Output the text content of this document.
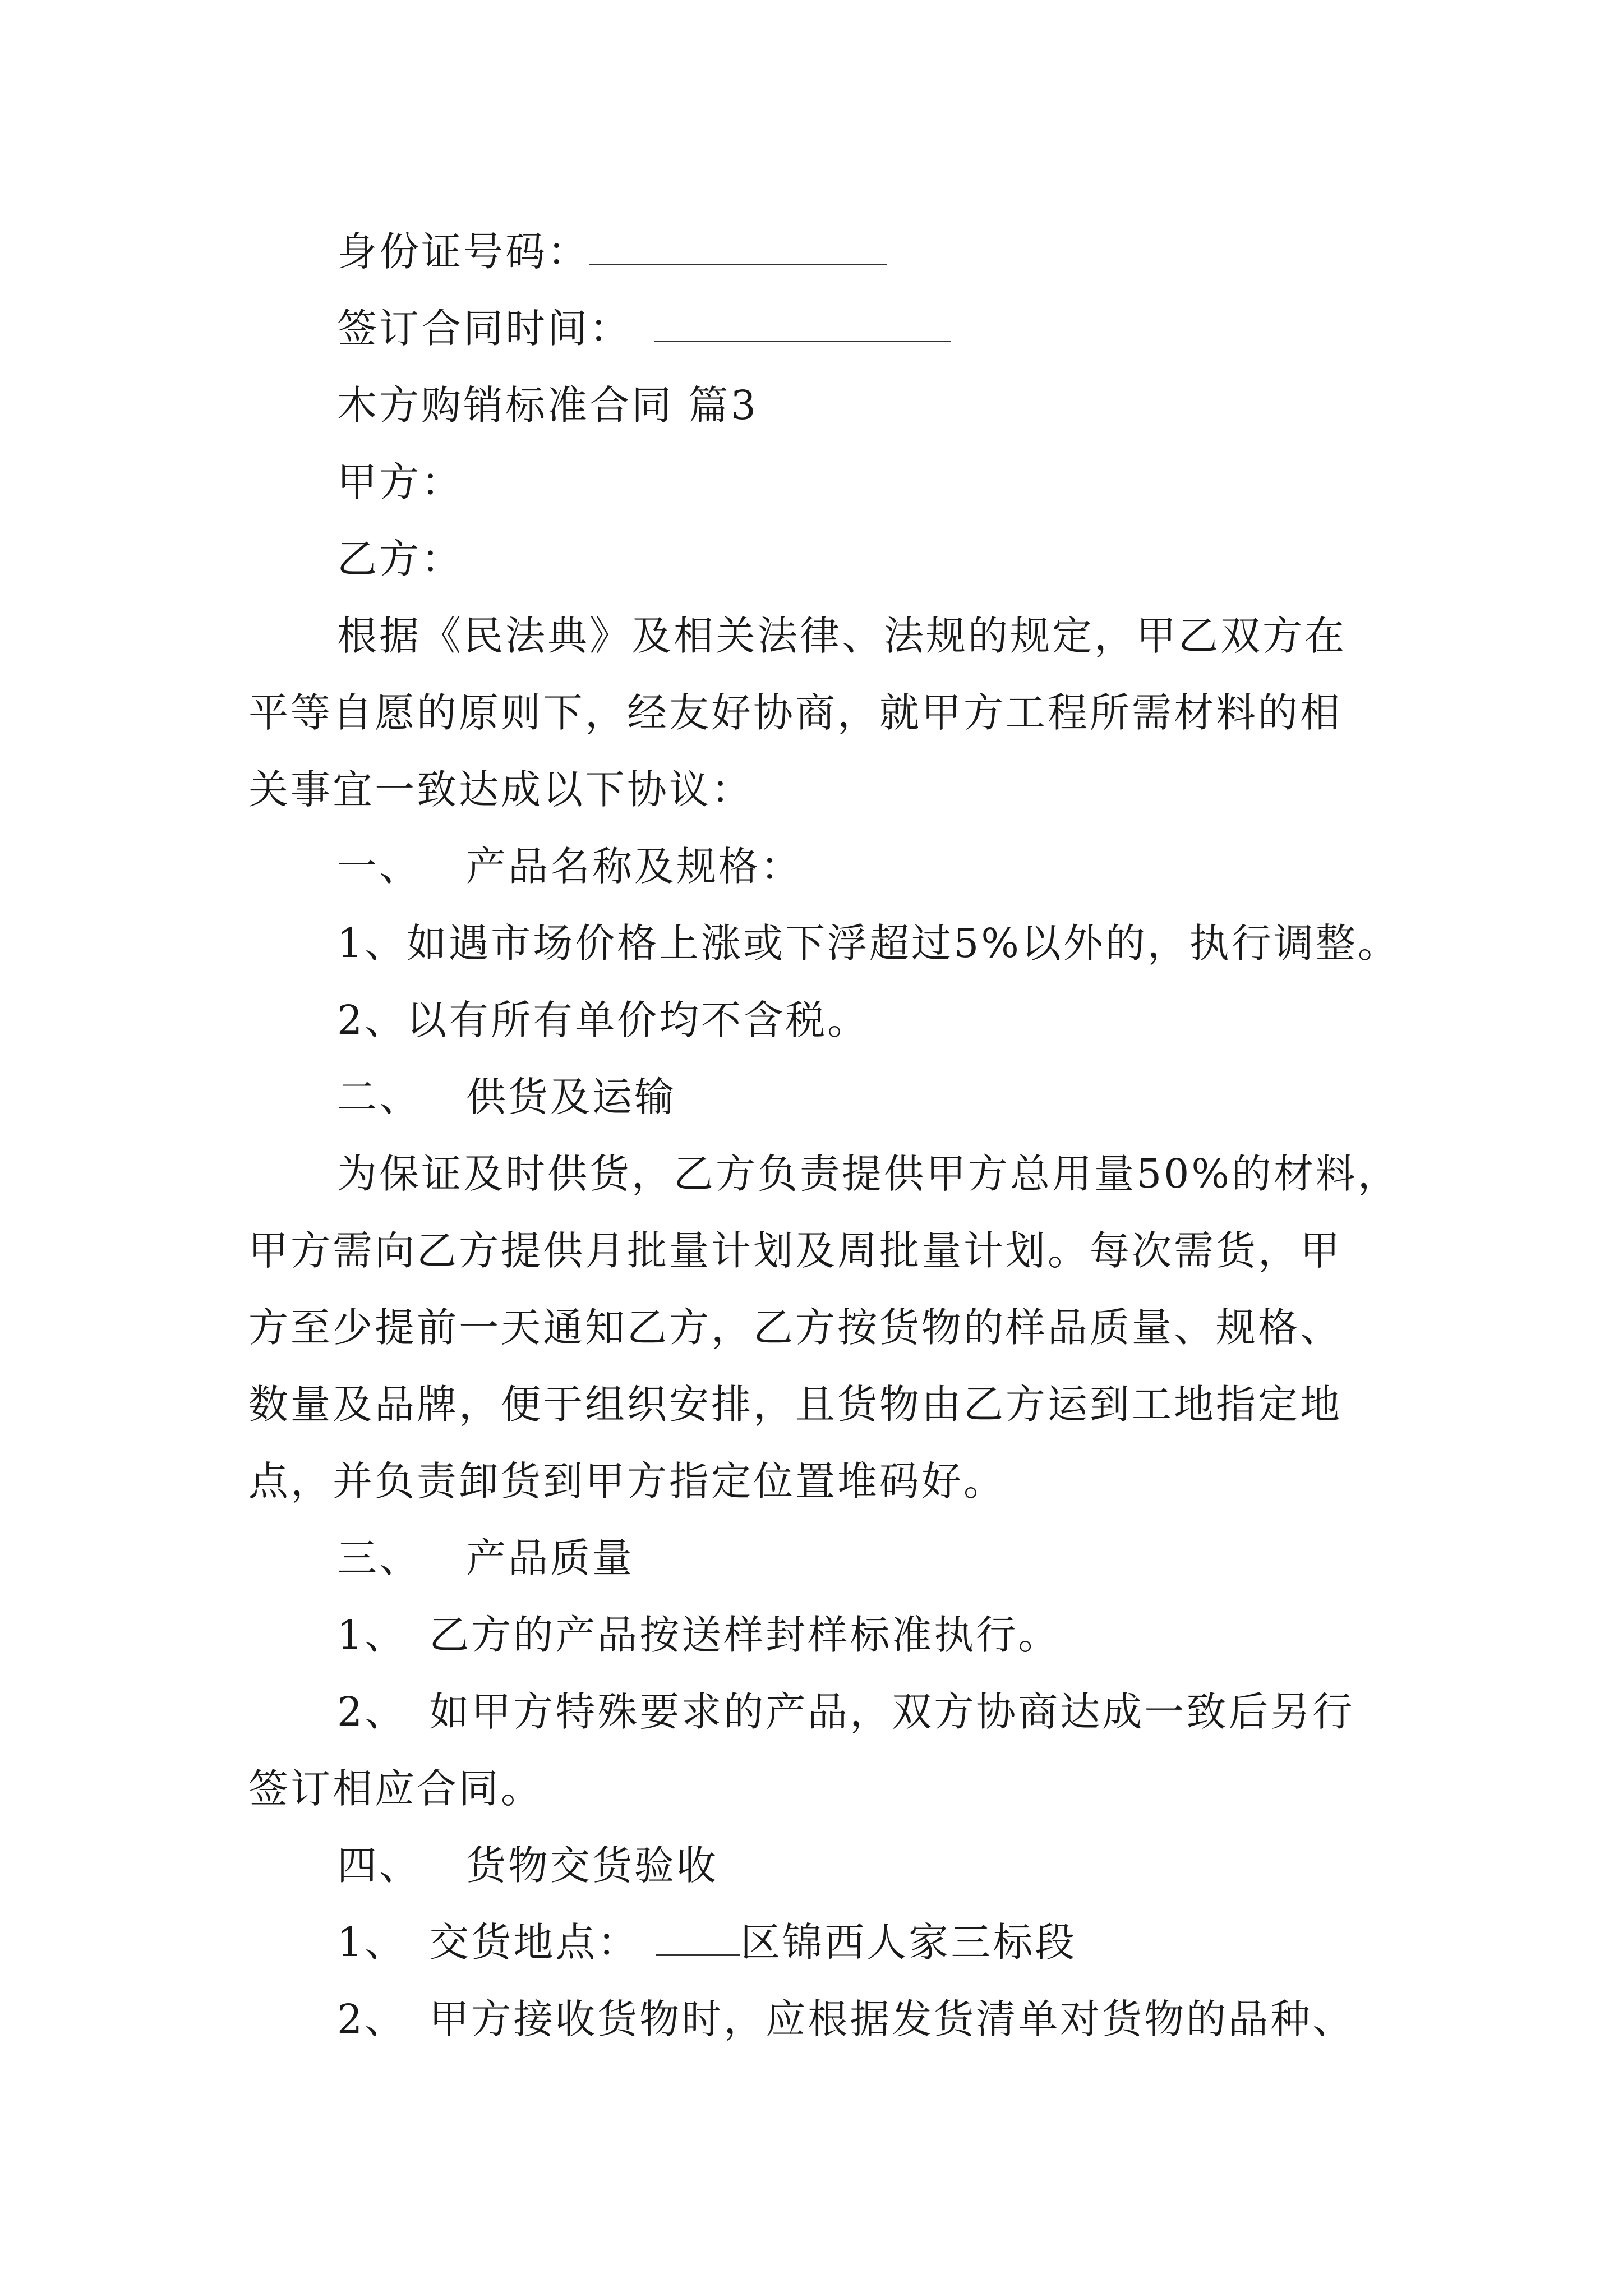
身份证号码：
签订合同时间：
木方购销标准合同 篇3
甲方：
乙方：
根据《民法典》及相关法律、法规的规定，甲乙双方在
平等自愿的原则下，经友好协商，就甲方工程所需材料的相
关事宜一致达成以下协议：
一、 产品名称及规格：
1、如遇市场价格上涨或下浮超过5%以外的，执行调整。
2、以有所有单价均不含税。
二、 供货及运输
为保证及时供货，乙方负责提供甲方总用量50%的材料，
甲方需向乙方提供月批量计划及周批量计划。每次需货，甲
方至少提前一天通知乙方，乙方按货物的样品质量、规格、
数量及品牌，便于组织安排，且货物由乙方运到工地指定地
点，并负责卸货到甲方指定位置堆码好。
三、 产品质量
1、 乙方的产品按送样封样标准执行。
2、 如甲方特殊要求的产品，双方协商达成一致后另行
签订相应合同。
四、 货物交货验收
1、 交货地点：	区锦西人家三标段
2、 甲方接收货物时，应根据发货清单对货物的品种、
